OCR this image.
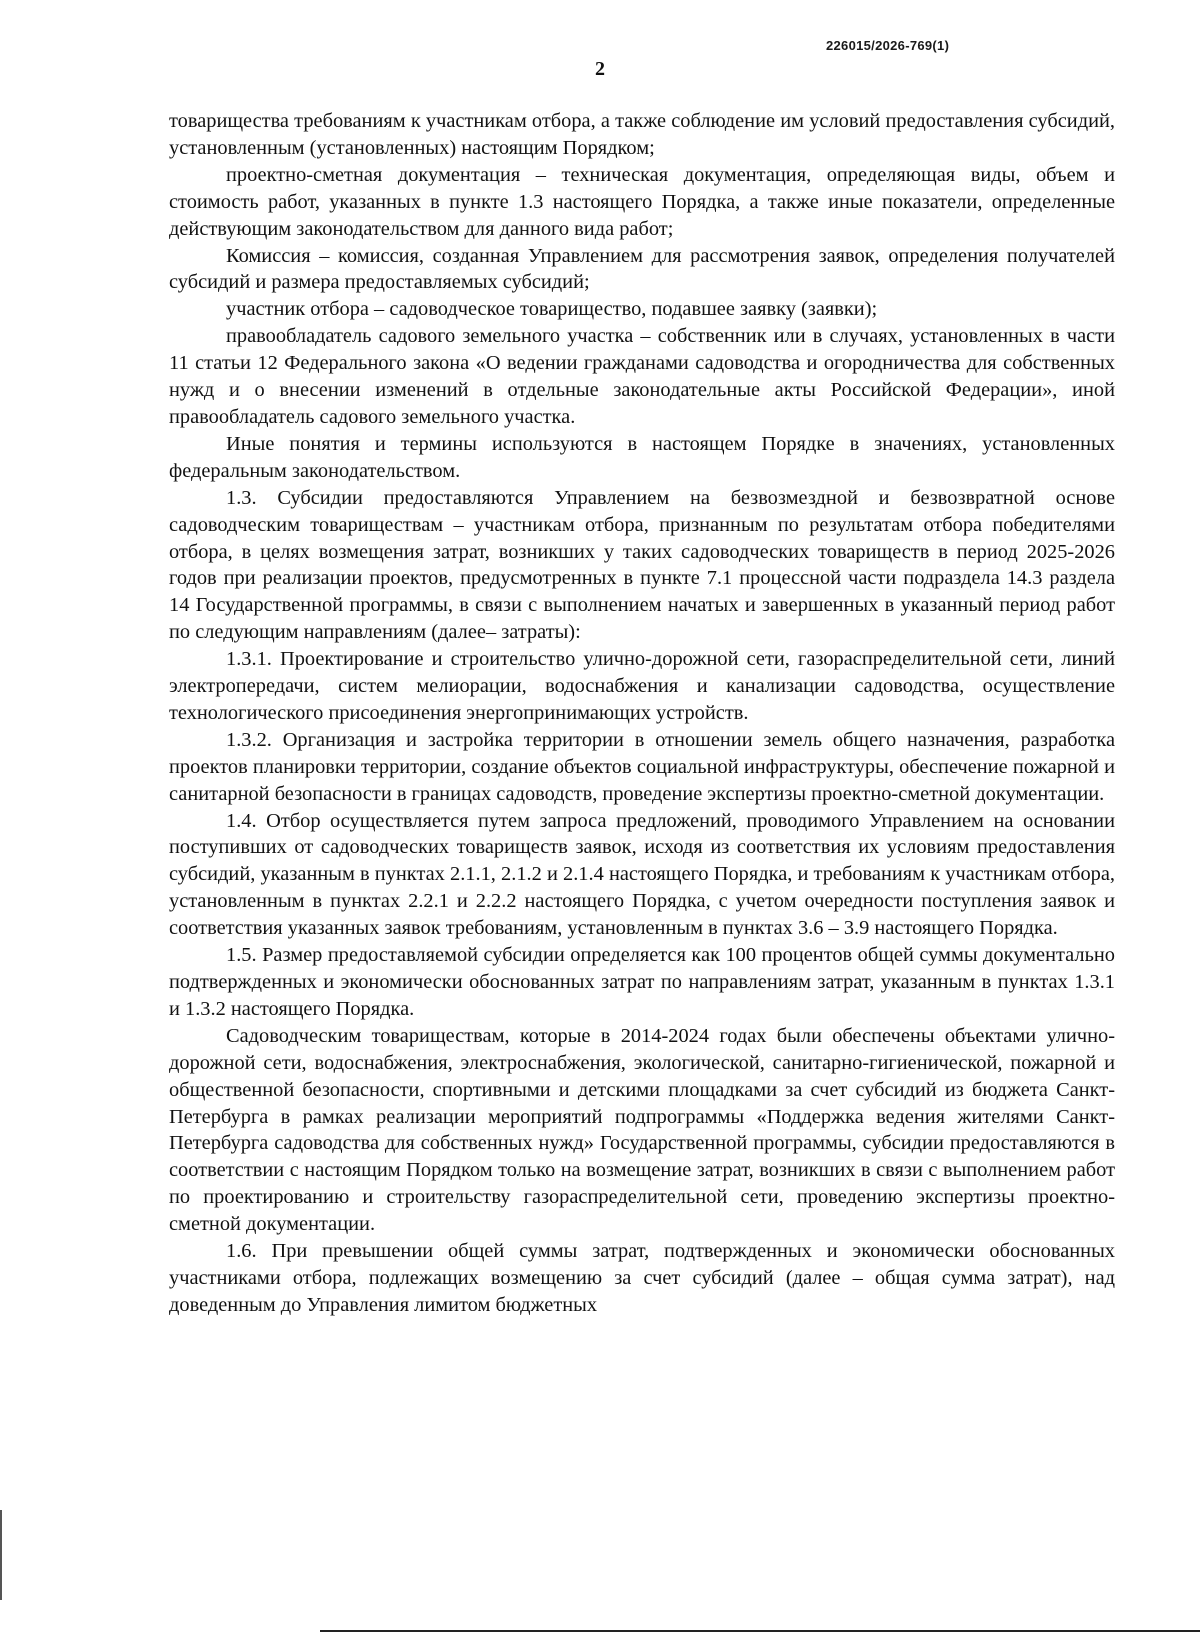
226015/2026-769(1)
2

товарищества требованиям к участникам отбора, а также соблюдение им условий предоставления субсидий, установленным (установленных) настоящим Порядком;

проектно-сметная документация – техническая документация, определяющая виды, объем и стоимость работ, указанных в пункте 1.3 настоящего Порядка, а также иные показатели, определенные действующим законодательством для данного вида работ;

Комиссия – комиссия, созданная Управлением для рассмотрения заявок, определения получателей субсидий и размера предоставляемых субсидий;

участник отбора – садоводческое товарищество, подавшее заявку (заявки);

правообладатель садового земельного участка – собственник или в случаях, установленных в части 11 статьи 12 Федерального закона «О ведении гражданами садоводства и огородничества для собственных нужд и о внесении изменений в отдельные законодательные акты Российской Федерации», иной правообладатель садового земельного участка.

Иные понятия и термины используются в настоящем Порядке в значениях, установленных федеральным законодательством.

1.3. Субсидии предоставляются Управлением на безвозмездной и безвозвратной основе садоводческим товариществам – участникам отбора, признанным по результатам отбора победителями отбора, в целях возмещения затрат, возникших у таких садоводческих товариществ в период 2025-2026 годов при реализации проектов, предусмотренных в пункте 7.1 процессной части подраздела 14.3 раздела 14 Государственной программы, в связи с выполнением начатых и завершенных в указанный период работ по следующим направлениям (далее– затраты):

1.3.1. Проектирование и строительство улично-дорожной сети, газораспределительной сети, линий электропередачи, систем мелиорации, водоснабжения и канализации садоводства, осуществление технологического присоединения энергопринимающих устройств.

1.3.2. Организация и застройка территории в отношении земель общего назначения, разработка проектов планировки территории, создание объектов социальной инфраструктуры, обеспечение пожарной и санитарной безопасности в границах садоводств, проведение экспертизы проектно-сметной документации.

1.4. Отбор осуществляется путем запроса предложений, проводимого Управлением на основании поступивших от садоводческих товариществ заявок, исходя из соответствия их условиям предоставления субсидий, указанным в пунктах 2.1.1, 2.1.2 и 2.1.4 настоящего Порядка, и требованиям к участникам отбора, установленным в пунктах 2.2.1 и 2.2.2 настоящего Порядка, с учетом очередности поступления заявок и соответствия указанных заявок требованиям, установленным в пунктах 3.6 – 3.9 настоящего Порядка.

1.5. Размер предоставляемой субсидии определяется как 100 процентов общей суммы документально подтвержденных и экономически обоснованных затрат по направлениям затрат, указанным в пунктах 1.3.1 и 1.3.2 настоящего Порядка.

Садоводческим товариществам, которые в 2014-2024 годах были обеспечены объектами улично-дорожной сети, водоснабжения, электроснабжения, экологической, санитарно-гигиенической, пожарной и общественной безопасности, спортивными и детскими площадками за счет субсидий из бюджета Санкт-Петербурга в рамках реализации мероприятий подпрограммы «Поддержка ведения жителями Санкт-Петербурга садоводства для собственных нужд» Государственной программы, субсидии предоставляются в соответствии с настоящим Порядком только на возмещение затрат, возникших в связи с выполнением работ по проектированию и строительству газораспределительной сети, проведению экспертизы проектно-сметной документации.

1.6. При превышении общей суммы затрат, подтвержденных и экономически обоснованных участниками отбора, подлежащих возмещению за счет субсидий (далее – общая сумма затрат), над доведенным до Управления лимитом бюджетных
